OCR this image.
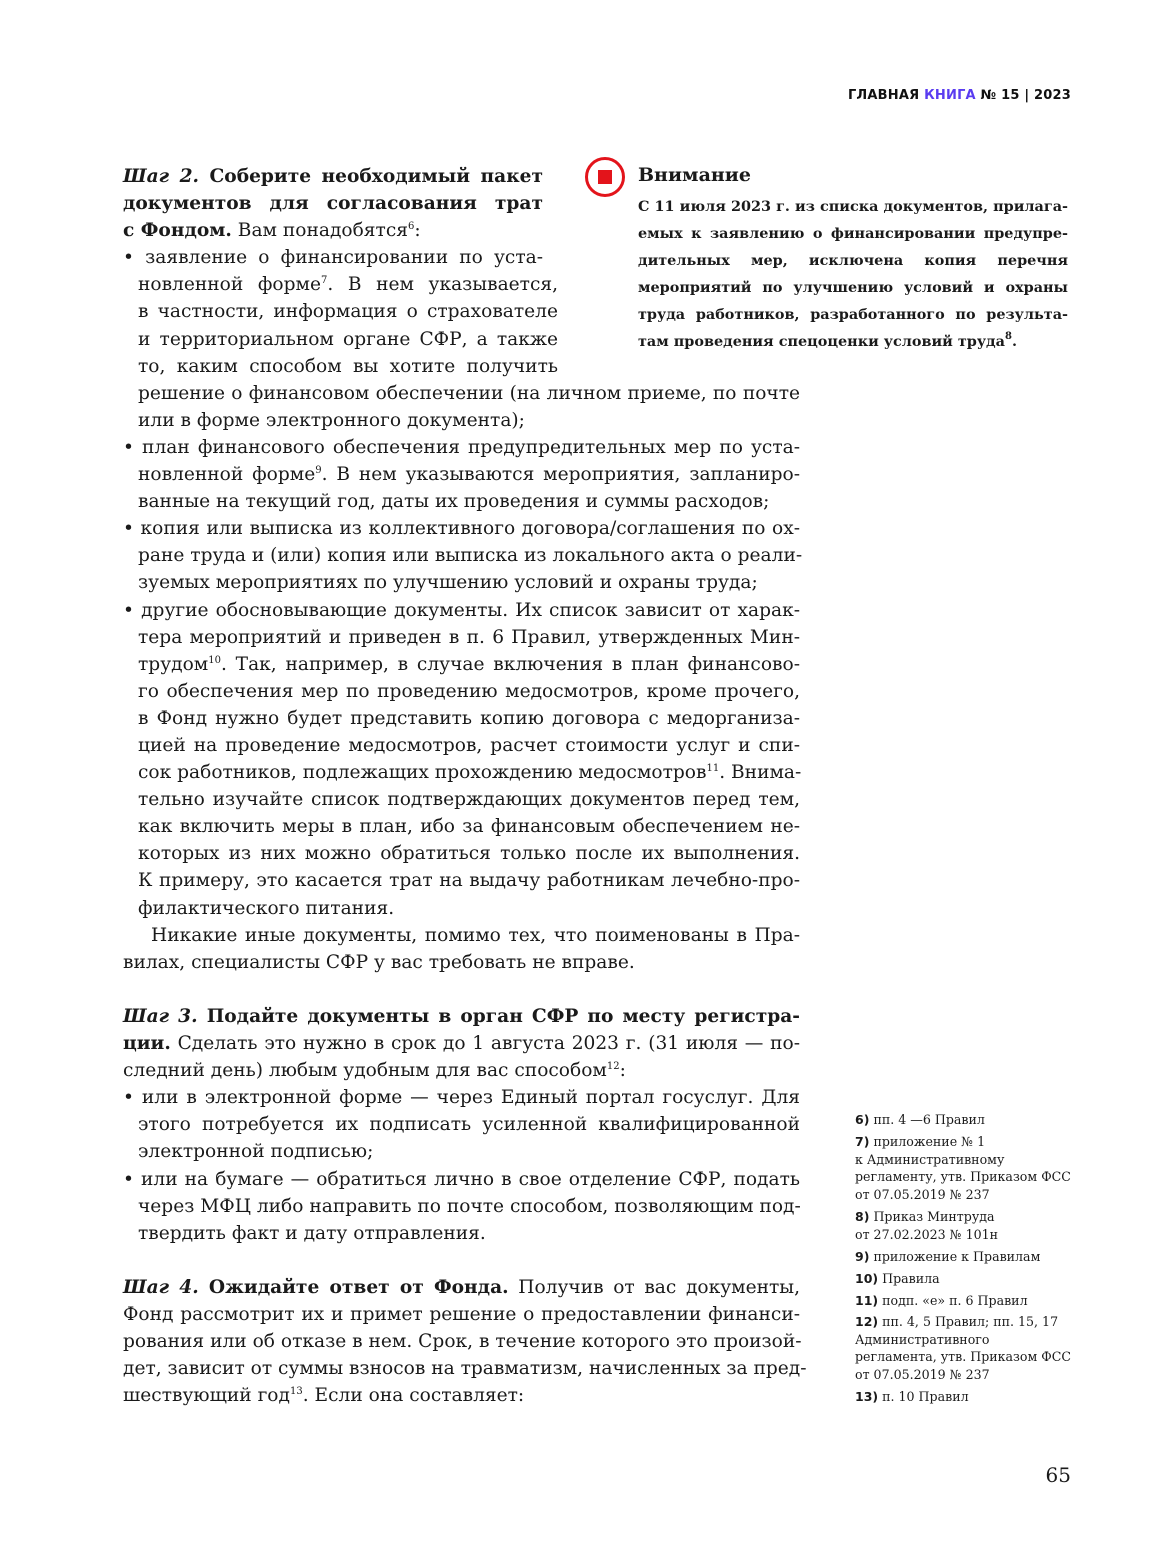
ГЛАВНАЯ КНИГА № 15 | 2023
Внимание
С 11 июля 2023 г. из списка документов, прилага-
емых к заявлению о финансировании предупре-
дительных мер, исключена копия перечня
мероприятий по улучшению условий и охраны
труда работников, разработанного по результа-
там проведения спецоценки условий труда$^8$.
Шаг 2. Соберите необходимый пакет
документов для согласования трат
с Фондом. Вам понадобятся$^6$:
• заявление о финансировании по уста-
новленной форме$^7$. В нем указывается,
в частности, информация о страхователе
и территориальном органе СФР, а также
то, каким способом вы хотите получить
решение о финансовом обеспечении (на личном приеме, по почте
или в форме электронного документа);
• план финансового обеспечения предупредительных мер по уста-
новленной форме$^9$. В нем указываются мероприятия, запланиро-
ванные на текущий год, даты их проведения и суммы расходов;
• копия или выписка из коллективного договора/соглашения по ох-
ране труда и (или) копия или выписка из локального акта о реали-
зуемых мероприятиях по улучшению условий и охраны труда;
• другие обосновывающие документы. Их список зависит от харак-
тера мероприятий и приведен в п. 6 Правил, утвержденных Мин-
трудом$^{10}$. Так, например, в случае включения в план финансово-
го обеспечения мер по проведению медосмотров, кроме прочего,
в Фонд нужно будет представить копию договора с медорганиза-
цией на проведение медосмотров, расчет стоимости услуг и спи-
сок работников, подлежащих прохождению медосмотров$^{11}$. Внима-
тельно изучайте список подтверждающих документов перед тем,
как включить меры в план, ибо за финансовым обеспечением не-
которых из них можно обратиться только после их выполнения.
К примеру, это касается трат на выдачу работникам лечебно-про-
филактического питания.
Никакие иные документы, помимо тех, что поименованы в Пра-
вилах, специалисты СФР у вас требовать не вправе.
Шаг 3. Подайте документы в орган СФР по месту регистра-
ции. Сделать это нужно в срок до 1 августа 2023 г. (31 июля — по-
следний день) любым удобным для вас способом$^{12}$:
• или в электронной форме — через Единый портал госуслуг. Для
этого потребуется их подписать усиленной квалифицированной
электронной подписью;
• или на бумаге — обратиться лично в свое отделение СФР, подать
через МФЦ либо направить по почте способом, позволяющим под-
твердить факт и дату отправления.
Шаг 4. Ожидайте ответ от Фонда. Получив от вас документы,
Фонд рассмотрит их и примет решение о предоставлении финанси-
рования или об отказе в нем. Срок, в течение которого это произой-
дет, зависит от суммы взносов на травматизм, начисленных за пред-
шествующий год$^{13}$. Если она составляет:
6) пп. 4 —6 Правил
7) приложение № 1
к Административному
регламенту, утв. Приказом ФСС
от 07.05.2019 № 237
8) Приказ Минтруда
от 27.02.2023 № 101н
9) приложение к Правилам
10) Правила
11) подп. «е» п. 6 Правил
12) пп. 4, 5 Правил; пп. 15, 17
Административного
регламента, утв. Приказом ФСС
от 07.05.2019 № 237
13) п. 10 Правил
65
